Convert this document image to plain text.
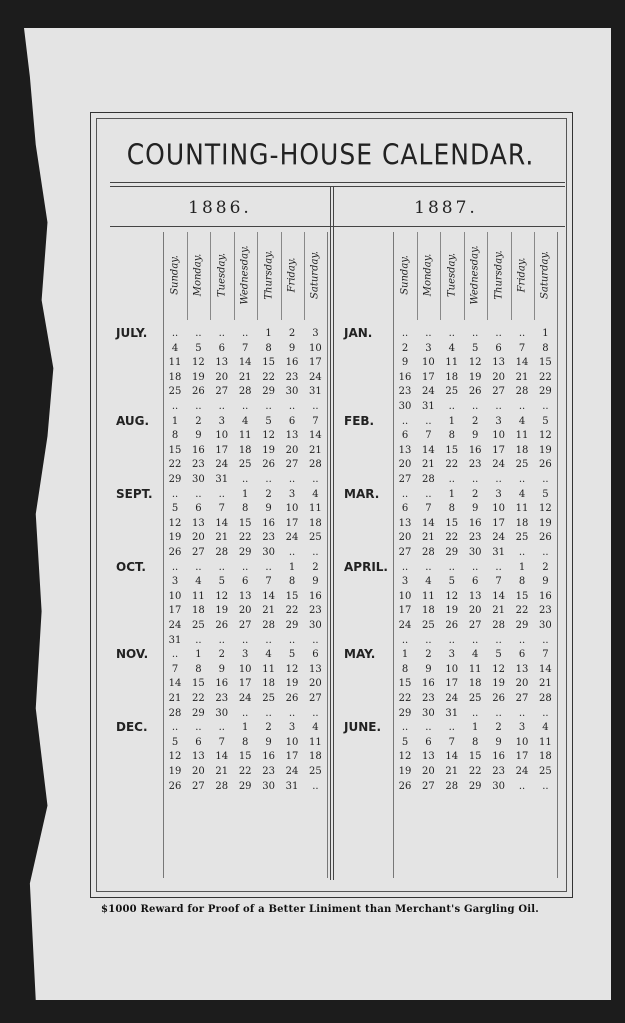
COUNTING-HOUSE CALENDAR.
1886.	1887.
Sunday. Monday. Tuesday. Wednesday. Thursday. Friday. Saturday.	Sunday. Monday. Tuesday. Wednesday. Thursday. Friday. Saturday.
JULY.	..	..	..	..	1	2	3
4	5	6	7	8	9	10
11	12	13	14	15	16	17
18	19	20	21	22	23	24
25	26	27	28	29	30	31
..	..	..	..	..	..	..
AUG.	1	2	3	4	5	6	7
8	9	10	11	12	13	14
15	16	17	18	19	20	21
22	23	24	25	26	27	28
29	30	31	..	..	..	..
SEPT.	..	..	..	1	2	3	4
5	6	7	8	9	10	11
12	13	14	15	16	17	18
19	20	21	22	23	24	25
26	27	28	29	30	..	..
OCT.	..	..	..	..	..	1	2
3	4	5	6	7	8	9
10	11	12	13	14	15	16
17	18	19	20	21	22	23
24	25	26	27	28	29	30
31	..	..	..	..	..	..
NOV.	..	1	2	3	4	5	6
7	8	9	10	11	12	13
14	15	16	17	18	19	20
21	22	23	24	25	26	27
28	29	30	..	..	..	..
DEC.	..	..	..	1	2	3	4
5	6	7	8	9	10	11
12	13	14	15	16	17	18
19	20	21	22	23	24	25
26	27	28	29	30	31	..
JAN.	..	..	..	..	..	..	1
2	3	4	5	6	7	8
9	10	11	12	13	14	15
16	17	18	19	20	21	22
23	24	25	26	27	28	29
30	31	..	..	..	..	..
FEB.	..	..	1	2	3	4	5
6	7	8	9	10	11	12
13	14	15	16	17	18	19
20	21	22	23	24	25	26
27	28	..	..	..	..	..
MAR.	..	..	1	2	3	4	5
6	7	8	9	10	11	12
13	14	15	16	17	18	19
20	21	22	23	24	25	26
27	28	29	30	31	..	..
APRIL.	..	..	..	..	..	1	2
3	4	5	6	7	8	9
10	11	12	13	14	15	16
17	18	19	20	21	22	23
24	25	26	27	28	29	30
..	..	..	..	..	..	..
MAY.	1	2	3	4	5	6	7
8	9	10	11	12	13	14
15	16	17	18	19	20	21
22	23	24	25	26	27	28
29	30	31	..	..	..	..
JUNE.	..	..	..	1	2	3	4
5	6	7	8	9	10	11
12	13	14	15	16	17	18
19	20	21	22	23	24	25
26	27	28	29	30	..	..
$1000 Reward for Proof of a Better Liniment than Merchant's Gargling Oil.
